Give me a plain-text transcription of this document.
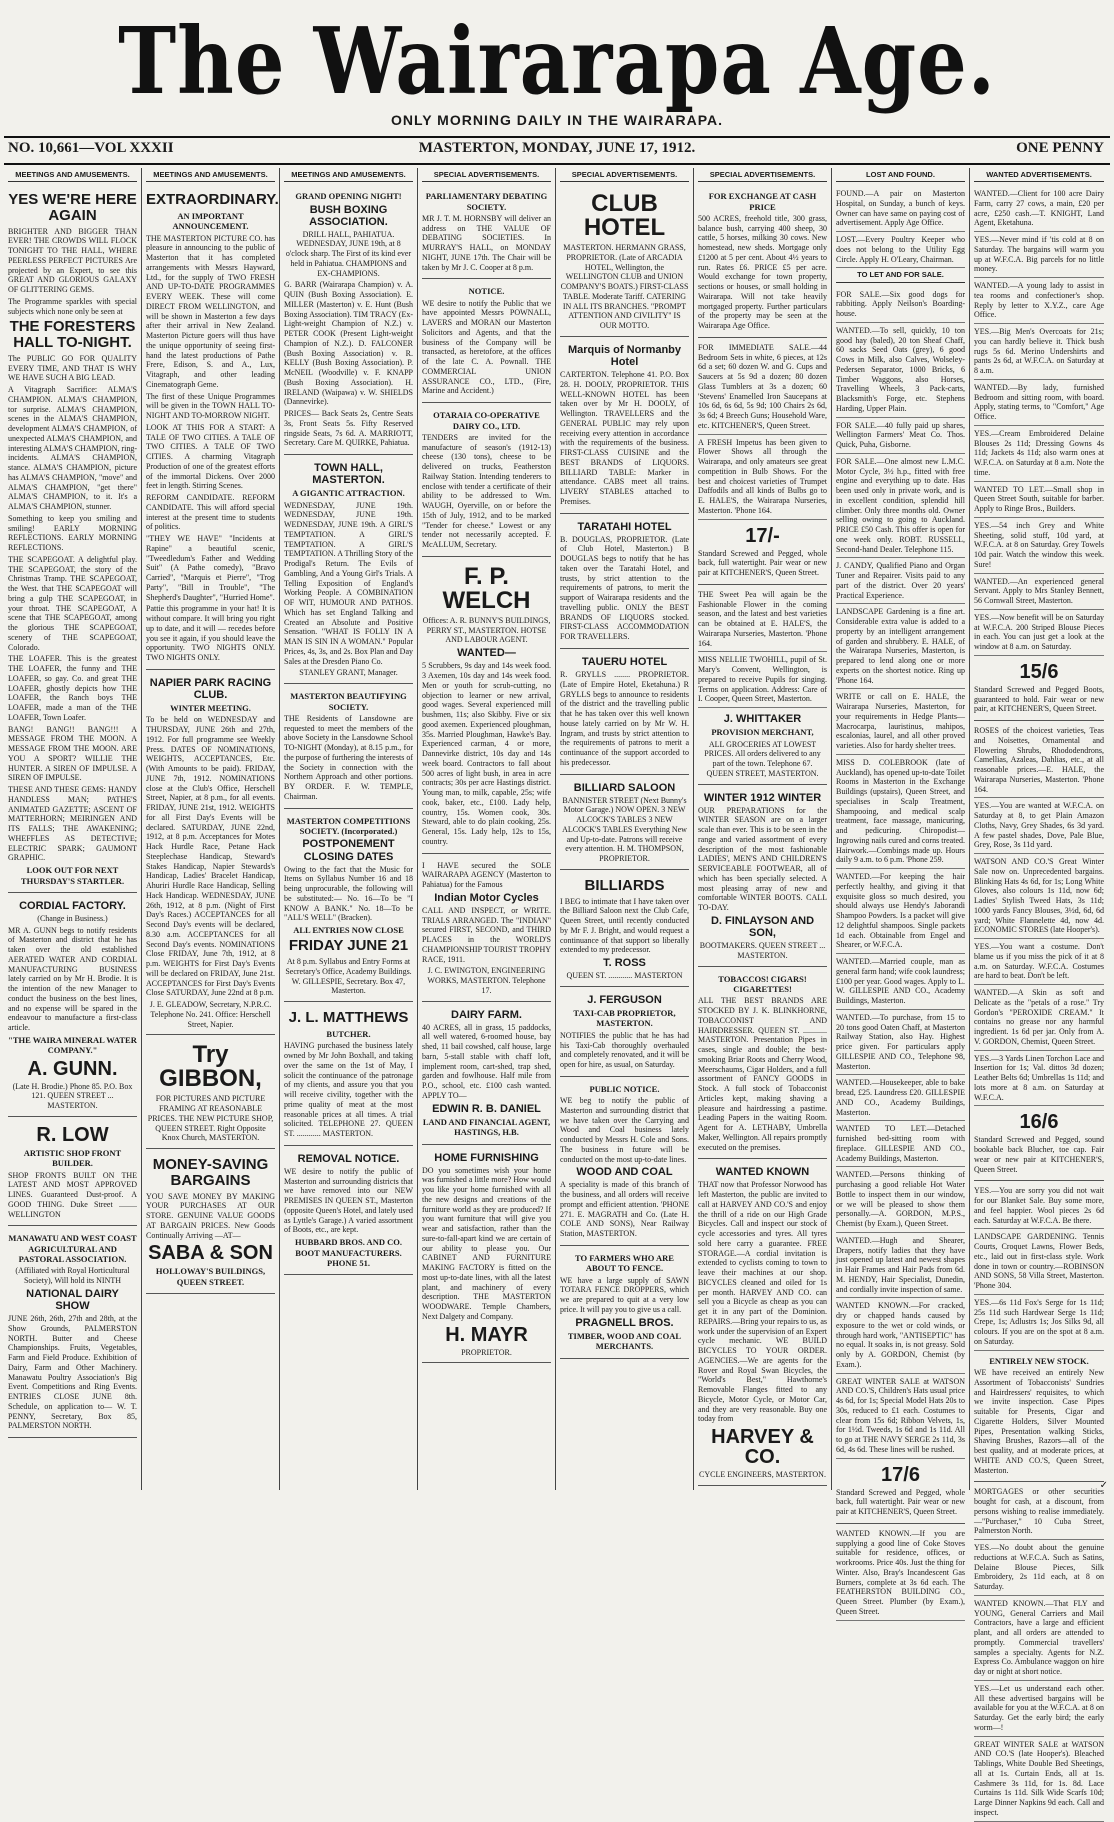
The Wairarapa Age.
ONLY MORNING DAILY IN THE WAIRARAPA.
NO. 10,661—VOL XXXII	MASTERTON, MONDAY, JUNE 17, 1912.	ONE PENNY
MEETINGS AND AMUSEMENTS.
YES WE'RE HERE AGAIN
BRIGHTER AND BIGGER THAN EVER! THE CROWDS WILL FLOCK TONIGHT TO THE HALL, WHERE PEERLESS PERFECT PICTURES Are projected by an Expert, to see this GREAT AND GLORIOUS GALAXY OF GLITTERING GEMS.
The Programme sparkles with special subjects which none only be seen at
THE FORESTERS HALL TO-NIGHT.
The PUBLIC GO FOR QUALITY EVERY TIME, AND THAT IS WHY WE HAVE SUCH A BIG LEAD.
A Vitagraph Sacrifice: ALMA'S CHAMPION. ALMA'S CHAMPION, tor surprise. ALMA'S CHAMPION, scenes in the ALMA'S CHAMPION, development ALMA'S CHAMPION, of unexpected ALMA'S CHAMPION, and interesting ALMA'S CHAMPION, ring-incidents. ALMA'S CHAMPION, stance. ALMA'S CHAMPION, picture has ALMA'S CHAMPION, "move" and ALMA'S CHAMPION, "get there" ALMA'S CHAMPION, to it. It's a ALMA'S CHAMPION, stunner.
Something to keep you smiling and smiling! EARLY MORNING REFLECTIONS. EARLY MORNING REFLECTIONS.
THE SCAPEGOAT. A delightful play. THE SCAPEGOAT, the story of the Christmas Tramp. THE SCAPEGOAT, the West. that THE SCAPEGOAT will bring a gulp THE SCAPEGOAT, in your throat. THE SCAPEGOAT, A scene that THE SCAPEGOAT, among the glorious THE SCAPEGOAT, scenery of THE SCAPEGOAT, Colorado.
THE LOAFER. This is the greatest THE LOAFER, the funny and THE LOAFER, so gay. Co. and great THE LOAFER, ghostly depicts how THE LOAFER, the Ranch boys THE LOAFER, made a man of the THE LOAFER, Town Loafer.
BANG! BANG!! BANG!!! A MESSAGE FROM THE MOON. A MESSAGE FROM THE MOON. ARE YOU A SPORT? WILLIE THE HUNTER. A SIREN OF IMPULSE. A SIREN OF IMPULSE.
THESE AND THESE GEMS: HANDY HANDLESS MAN; PATHE'S ANIMATED GAZETTE; ASCENT OF MATTERHORN; MEIRINGEN AND ITS FALLS; THE AWAKENING; WHEFFLES AS DETECTIVE; ELECTRIC SPARK; GAUMONT GRAPHIC.
LOOK OUT FOR NEXT THURSDAY'S STARTLER.
CORDIAL FACTORY.
(Change in Business.)
MR A. GUNN begs to notify residents of Masterton and district that he has taken over the old established AERATED WATER AND CORDIAL MANUFACTURING BUSINESS lately carried on by Mr H. Brodie. It is the intention of the new Manager to conduct the business on the best lines, and no expense will be spared in the endeavour to manufacture a first-class article.
"THE WAIRA MINERAL WATER COMPANY."
A. GUNN.
(Late H. Brodie.) Phone 85. P.O. Box 121. QUEEN STREET ... MASTERTON.
R. LOW
ARTISTIC SHOP FRONT BUILDER.
SHOP FRONTS BUILT ON THE LATEST AND MOST APPROVED LINES. Guaranteed Dust-proof. A GOOD THING. Duke Street ......... WELLINGTON
MANAWATU AND WEST COAST AGRICULTURAL AND PASTORAL ASSOCIATION.
(Affiliated with Royal Horticultural Society), Will hold its NINTH
NATIONAL DAIRY SHOW
JUNE 26th, 26th, 27th and 28th, at the Show Grounds, PALMERSTON NORTH. Butter and Cheese Championships. Fruits, Vegetables, Farm and Field Produce. Exhibition of Dairy, Farm and Other Machinery. Manawatu Poultry Association's Big Event. Competitions and Ring Events. ENTRIES CLOSE JUNE 8th. Schedule, on application to— W. T. PENNY, Secretary, Box 85, PALMERSTON NORTH.
MEETINGS AND AMUSEMENTS.
EXTRAORDINARY.
AN IMPORTANT ANNOUNCEMENT.
THE MASTERTON PICTURE CO. has pleasure in announcing to the public of Masterton that it has completed arrangements with Messrs Hayward, Ltd., for the supply of TWO FRESH AND UP-TO-DATE PROGRAMMES EVERY WEEK. These will come DIRECT FROM WELLINGTON, and will be shown in Masterton a few days after their arrival in New Zealand. Masterton Picture goers will thus have the unique opportunity of seeing first-hand the latest productions of Pathe Frere, Edison, S. and A., Lux, Vitagraph, and other leading Cinematograph Geme.
The first of these Unique Programmes will be given in the TOWN HALL TO-NIGHT AND TO-MORROW NIGHT.
LOOK AT THIS FOR A START: A TALE OF TWO CITIES. A TALE OF TWO CITIES. A TALE OF TWO CITIES. A charming Vitagraph Production of one of the greatest efforts of the immortal Dickens. Over 2000 feet in length. Stirring Scenes.
REFORM CANDIDATE. REFORM CANDIDATE. This will afford special interest at the present time to students of politics.
"THEY WE HAVE" "Incidents at Rapine" a beautiful scenic, "Tweedledum's Father and Wedding Suit" (A Pathe comedy), "Bravo Carried", "Marquis et Pierre", "Trog Party", "Bill in Trouble", "The Shepherd's Daughter", "Hurried Home".
Pattie this programme in your hat! It is without compare. It will bring you right up to date, and it will — recedes before you see it again, if you should leave the opportunity. TWO NIGHTS ONLY. TWO NIGHTS ONLY.
NAPIER PARK RACING CLUB.
WINTER MEETING.
To be held on WEDNESDAY and THURSDAY, JUNE 26th and 27th, 1912. For full programme see Weekly Press. DATES OF NOMINATIONS, WEIGHTS, ACCEPTANCES, Etc. (With Amounts to be paid). FRIDAY, JUNE 7th, 1912. NOMINATIONS close at the Club's Office, Herschell Street, Napier, at 8 p.m., for all events. FRIDAY, JUNE 21st, 1912. WEIGHTS for all First Day's Events will be declared. SATURDAY, JUNE 22nd, 1912, at 8 p.m. Acceptances for Motes Hack Hurdle Race, Petane Hack Steeplechase Handicap, Steward's Stakes Handicap, Napier Stewards's Handicap, Ladies' Bracelet Handicap, Ahuriri Hurdle Race Handicap, Selling Hack Handicap. WEDNESDAY, JUNE 26th, 1912, at 8 p.m. (Night of First Day's Races.) ACCEPTANCES for all Second Day's events will be declared, 8.30 a.m. ACCEPTANCES for all Second Day's events. NOMINATIONS Close FRIDAY, June 7th, 1912, at 8 p.m. WEIGHTS for First Day's Events will be declared on FRIDAY, June 21st. ACCEPTANCES for First Day's Events Close SATURDAY, June 22nd at 8 p.m.
J. E. GLEADOW, Secretary, N.P.R.C. Telephone No. 241. Office: Herschell Street, Napier.
Try GIBBON,
FOR PICTURES AND PICTURE FRAMING AT REASONABLE PRICES. THE NEW PICTURE SHOP, QUEEN STREET. Right Opposite Knox Church, MASTERTON.
MONEY-SAVING BARGAINS
YOU SAVE MONEY BY MAKING YOUR PURCHASES AT OUR STORE. GENUINE VALUE GOODS AT BARGAIN PRICES. New Goods Continually Arriving —AT—
SABA & SON
HOLLOWAY'S BUILDINGS, QUEEN STREET.
MEETINGS AND AMUSEMENTS.
GRAND OPENING NIGHT!
BUSH BOXING ASSOCIATION.
DRILL HALL, PAHIATUA. WEDNESDAY, JUNE 19th, at 8 o'clock sharp. The First of its kind ever held in Pahiatua. CHAMPIONS and EX-CHAMPIONS.
G. BARR (Wairarapa Champion) v. A. QUIN (Bush Boxing Association). E. MILLER (Masterton) v. E. Hunt (Bush Boxing Association). TIM TRACY (Ex-Light-weight Champion of N.Z.) v. PETER COOK (Present Light-weight Champion of N.Z.). D. FALCONER (Bush Boxing Association) v. R. KELLY (Bush Boxing Association). P. McNEIL (Woodville) v. F. KNAPP (Bush Boxing Association). H. IRELAND (Waipawa) v. W. SHIELDS (Dannevirke).
PRICES— Back Seats 2s, Centre Seats 3s, Front Seats 5s. Fifty Reserved ringside Seats, 7s 6d. A. MARRIOTT, Secretary. Care M. QUIRKE, Pahiatua.
TOWN HALL, MASTERTON.
A GIGANTIC ATTRACTION.
WEDNESDAY, JUNE 19th. WEDNESDAY, JUNE 19th. WEDNESDAY, JUNE 19th. A GIRL'S TEMPTATION. A GIRL'S TEMPTATION. A GIRL'S TEMPTATION. A Thrilling Story of the Prodigal's Return. The Evils of Gambling, And a Young Girl's Trials. A Telling Exposition of England's Working People. A COMBINATION OF WIT, HUMOUR AND PATHOS. Which has set England Talking and Created an Absolute and Positive Sensation. "WHAT IS FOLLY IN A MAN IS SIN IN A WOMAN." Popular Prices, 4s, 3s, and 2s. Box Plan and Day Sales at the Dresden Piano Co.
STANLEY GRANT, Manager.
MASTERTON BEAUTIFYING SOCIETY.
THE Residents of Lansdowne are requested to meet the members of the above Society in the Lansdowne School TO-NIGHT (Monday), at 8.15 p.m., for the purpose of furthering the interests of the Society in connection with the Northern Approach and other portions. BY ORDER. F. W. TEMPLE, Chairman.
MASTERTON COMPETITIONS SOCIETY. (Incorporated.)
POSTPONEMENT CLOSING DATES
Owing to the fact that the Music for Items on Syllabus Number 16 and 18 being unprocurable, the following will be substituted:— No. 16—To be "I KNOW A BANK." No. 18—To be "ALL'S WELL" (Bracken).
ALL ENTRIES NOW CLOSE
FRIDAY JUNE 21
At 8 p.m. Syllabus and Entry Forms at Secretary's Office, Academy Buildings. W. GILLESPIE, Secretary. Box 47, Masterton.
J. L. MATTHEWS
BUTCHER.
HAVING purchased the business lately owned by Mr John Boxhall, and taking over the same on the 1st of May, I solicit the continuance of the patronage of my clients, and assure you that you will receive civility, together with the prime quality of meat at the most reasonable prices at all times. A trial solicited. TELEPHONE 27. QUEEN ST. ............ MASTERTON.
REMOVAL NOTICE.
WE desire to notify the public of Masterton and surrounding districts that we have removed into our NEW PREMISES IN QUEEN ST., Masterton (opposite Queen's Hotel, and lately used as Lyttle's Garage.) A varied assortment of Boots, etc., are kept.
HUBBARD BROS. AND CO. BOOT MANUFACTURERS. PHONE 51.
SPECIAL ADVERTISEMENTS.
PARLIAMENTARY DEBATING SOCIETY.
MR J. T. M. HORNSBY will deliver an address on THE VALUE OF DEBATING SOCIETIES. In MURRAY'S HALL, on MONDAY NIGHT, JUNE 17th. The Chair will be taken by Mr J. C. Cooper at 8 p.m.
NOTICE.
WE desire to notify the Public that we have appointed Messrs POWNALL, LAVERS and MORAN our Masterton Solicitors and Agents, and that the business of the Company will be transacted, as heretofore, at the offices of the late C. A. Pownall. THE COMMERCIAL UNION ASSURANCE CO., LTD., (Fire, Marine and Accident.)
OTARAIA CO-OPERATIVE DAIRY CO., LTD.
TENDERS are invited for the manufacture of season's (1912-13) cheese (130 tons), cheese to be delivered on trucks, Featherston Railway Station. Intending tenderers to enclose with tender a certificate of their ability to be addressed to Wm. WAUGH, Oyerville, on or before the 15th of July, 1912, and to be marked "Tender for cheese." Lowest or any tender not necessarily accepted. F. McALLUM, Secretary.
F. P. WELCH
Offices: A. R. BUNNY'S BUILDINGS, PERRY ST., MASTERTON. HOTSE AND LABOUR AGENT.
WANTED—
5 Scrubbers, 9s day and 14s week food. 3 Axemen, 10s day and 14s week food. Men or youth for scrub-cutting, no objection to learner or new arrival, good wages. Several experienced mill bushmen, 11s; also Skibby. Five or six good axemen. Experienced ploughman, 35s. Married Ploughman, Hawke's Bay. Experienced carman, 4 or more, Dannevirke district, 10s day and 14s week board. Contractors to fall about 500 acres of light bush, in area in acre contracts; 30s per acre Hastings district. Young man, to milk, capable, 25s; wife cook, baker, etc., £100. Lady help, country, 15s. Women cook, 30s. Steward, able to do plain cooking, 25s. General, 15s. Lady help, 12s to 15s, country.
I HAVE secured the SOLE WAIRARAPA AGENCY (Masterton to Pahiatua) for the Famous
Indian Motor Cycles
CALL AND INSPECT, or WRITE. TRIALS ARRANGED. The "INDIAN" secured FIRST, SECOND, and THIRD PLACES in the WORLD'S CHAMPIONSHIP TOURIST TROPHY RACE, 1911.
J. C. EWINGTON, ENGINEERING WORKS, MASTERTON. Telephone 17.
DAIRY FARM.
40 ACRES, all in grass, 15 paddocks, all well watered, 6-roomed house, bay shed, 11 bail cowshed, calf house, large barn, 5-stall stable with chaff loft, implement room, cart-shed, trap shed, garden and fowlhouse. Half mile from P.O., school, etc. £100 cash wanted. APPLY TO—
EDWIN R. B. DANIEL
LAND AND FINANCIAL AGENT, HASTINGS, H.B.
HOME FURNISHING
DO you sometimes wish your home was furnished a little more? How would you like your home furnished with all the new designs and creations of the furniture world as they are produced? If you want furniture that will give you wear and satisfaction, rather than the sure-to-fall-apart kind we are certain of our ability to please you. Our CABINET AND FURNITURE MAKING FACTORY is fitted on the most up-to-date lines, with all the latest plant, and machinery of every description. THE MASTERTON WOODWARE. Temple Chambers, Next Dalgety and Company.
H. MAYR
PROPRIETOR.
SPECIAL ADVERTISEMENTS.
CLUB HOTEL
MASTERTON. HERMANN GRASS, PROPRIETOR. (Late of ARCADIA HOTEL, Wellington, the WELLINGTON CLUB and UNION COMPANY'S BOATS.) FIRST-CLASS TABLE. Moderate Tariff. CATERING IN ALL ITS BRANCHES. "PROMPT ATTENTION AND CIVILITY" IS OUR MOTTO.
Marquis of Normanby Hotel
CARTERTON. Telephone 41. P.O. Box 28. H. DOOLY, PROPRIETOR. THIS WELL-KNOWN HOTEL has been taken over by Mr H. DOOLY, of Wellington. TRAVELLERS and the GENERAL PUBLIC may rely upon receiving every attention in accordance with the requirements of the business. FIRST-CLASS CUISINE and the BEST BRANDS of LIQUORS. BILLIARD TABLE: Marker in attendance. CABS meet all trains. LIVERY STABLES attached to Premises.
TARATAHI HOTEL
B. DOUGLAS, PROPRIETOR. (Late of Club Hotel, Masterton.) B DOUGLAS begs to notify that he has taken over the Taratahi Hotel, and trusts, by strict attention to the requirements of patrons, to merit the support of Wairarapa residents and the travelling public. ONLY the BEST BRANDS OF LIQUORS stocked. FIRST-CLASS ACCOMMODATION FOR TRAVELLERS.
TAUERU HOTEL
R. GRYLLS ........ PROPRIETOR. (Late of Empire Hotel, Eketahuna.) R GRYLLS begs to announce to residents of the district and the travelling public that he has taken over this well known house lately carried on by Mr W. H. Ingram, and trusts by strict attention to the requirements of patrons to merit a continuance of the support accorded to his predecessor.
BILLIARD SALOON
BANNISTER STREET (Next Bunny's Motor Garage.) NOW OPEN. 3 NEW ALCOCK'S TABLES 3 NEW ALCOCK'S TABLES Everything New and Up-to-date. Patrons will receive every attention. H. M. THOMPSON, PROPRIETOR.
BILLIARDS
I BEG to intimate that I have taken over the Billiard Saloon next the Club Cafe, Queen Street, until recently conducted by Mr F. J. Bright, and would request a continuance of that support so liberally extended to my predecessor.
T. ROSS
QUEEN ST. ............ MASTERTON
J. FERGUSON
TAXI-CAB PROPRIETOR, MASTERTON.
NOTIFIES the public that he has had his Taxi-Cab thoroughly overhauled and completely renovated, and it will be open for hire, as usual, on Saturday.
PUBLIC NOTICE.
WE beg to notify the public of Masterton and surrounding district that we have taken over the Carrying and Wood and Coal business lately conducted by Messrs H. Cole and Sons. The business in future will be conducted on the most up-to-date lines.
WOOD AND COAL
A speciality is made of this branch of the business, and all orders will receive prompt and efficient attention. 'PHONE 271. E. MAGRATH and Co. (Late H. COLE AND SONS), Near Railway Station, MASTERTON.
TO FARMERS WHO ARE ABOUT TO FENCE.
WE have a large supply of SAWN TOTARA FENCE DROPPERS, which we are prepared to quit at a very low price. It will pay you to give us a call.
PRAGNELL BROS.
TIMBER, WOOD AND COAL MERCHANTS.
SPECIAL ADVERTISEMENTS.
FOR EXCHANGE AT CASH PRICE
500 ACRES, freehold title, 300 grass, balance bush, carrying 400 sheep, 30 cattle, 5 horses, milking 30 cows. New homestead, new sheds. Mortgage only £1200 at 5 per cent. About 4½ years to run. Rates £6. PRICE £5 per acre. Would exchange for town property, sections or houses, or small holding in Wairarapa. Will not take heavily mortgaged property. Further particulars of the property may be seen at the Wairarapa Age Office.
FOR IMMEDIATE SALE.—44 Bedroom Sets in white, 6 pieces, at 12s 6d a set; 60 dozen W. and G. Cups and Saucers at 5s 9d a dozen; 80 dozen Glass Tumblers at 3s a dozen; 60 'Stevens' Enamelled Iron Saucepans at 10s 6d, 6s 6d, 5s 9d; 100 Chairs 2s 6d, 3s 6d; 4 Breech Guns; Household Ware, etc. KITCHENER'S, Queen Street.
A FRESH Impetus has been given to Flower Shows all through the Wairarapa, and only amateurs see great competition in Bulb Shows. For the best and choicest varieties of Trumpet Daffodils and all kinds of Bulbs go to E. HALE'S, the Wairarapa Nurseries, Masterton. 'Phone 164.
17/-
Standard Screwed and Pegged, whole back, full watertight. Pair wear or new pair at KITCHENER'S, Queen Street.
THE Sweet Pea will again be the Fashionable Flower in the coming season, and the latest and best varieties can be obtained at E. HALE'S, the Wairarapa Nurseries, Masterton. 'Phone 164.
MISS NELLIE TWOHILL, pupil of St. Mary's Convent, Wellington, is prepared to receive Pupils for singing. Terms on application. Address: Care of I. Cooper, Queen Street, Masterton.
J. WHITTAKER
PROVISION MERCHANT,
ALL GROCERIES AT LOWEST PRICES. All orders delivered to any part of the town. Telephone 67. QUEEN STREET, MASTERTON.
WINTER 1912 WINTER
OUR PREPARATIONS for the WINTER SEASON are on a larger scale than ever. This is to be seen in the range and varied assortment of every description of the most fashionable LADIES', MEN'S AND CHILDREN'S SERVICEABLE FOOTWEAR, all of which has been specially selected. A most pleasing array of new and comfortable WINTER BOOTS. CALL TO-DAY.
D. FINLAYSON AND SON,
BOOTMAKERS. QUEEN STREET ... MASTERTON.
TOBACCOS! CIGARS! CIGARETTES!
ALL THE BEST BRANDS ARE STOCKED BY J. K. BLINKHORNE, TOBACCONIST AND HAIRDRESSER. QUEEN ST. ............ MASTERTON. Presentation Pipes in cases, single and double; the best-smoking Briar Roots and Cherry Wood, Meerschaums, Cigar Holders, and a full assortment of FANCY GOODS in Stock. A full stock of Tobacconist Articles kept, making shaving a pleasure and hairdressing a pastime. Leading Papers in the waiting Room. Agent for A. LETHABY, Umbrella Maker, Wellington. All repairs promptly executed on the premises.
WANTED KNOWN
THAT now that Professor Norwood has left Masterton, the public are invited to call at HARVEY AND CO.'S and enjoy the thrill of a ride on our High Grade Bicycles. Call and inspect our stock of cycle accessories and tyres. All tyres sold here carry a guarantee. FREE STORAGE.—A cordial invitation is extended to cyclists coming to town to leave their machines at our shop. BICYCLES cleaned and oiled for 1s per month. HARVEY AND CO. can sell you a Bicycle as cheap as you can get it in any part of the Dominion. REPAIRS.—Bring your repairs to us, as work under the supervision of an Expert cycle mechanic. WE BUILD BICYCLES TO YOUR ORDER. AGENCIES.—We are agents for the Rover and Royal Swan Bicycles, the "World's Best," Hawthorne's Removable Flanges fitted to any Bicycle, Motor Cycle, or Motor Car, and they are very reasonable. Buy one today from
HARVEY & CO.
CYCLE ENGINEERS, MASTERTON.
LOST AND FOUND.
FOUND.—A pair on Masterton Hospital, on Sunday, a bunch of keys. Owner can have same on paying cost of advertisement. Apply Age Office.
LOST.—Every Poultry Keeper who does not belong to the Utility Egg Circle. Apply H. O'Leary, Chairman.
TO LET AND FOR SALE.
FOR SALE.—Six good dogs for rabbiting. Apply Neilson's Boarding-house.
WANTED.—To sell, quickly, 10 ton good hay (baled), 20 ton Sheaf Chaff, 60 sacks Seed Oats (grey), 6 good Cows in Milk, also Calves, Wolseley-Pedersen Separator, 1000 Bricks, 6 Timber Waggons, also Horses, Travelling Wheels, 3 Pack-carts, Blacksmith's Forge, etc. Stephens Harding, Upper Plain.
FOR SALE.—40 fully paid up shares, Wellington Farmers' Meat Co. Thos. Quick, Puha, Gisborne.
FOR SALE.—One almost new L.M.C. Motor Cycle, 3½ h.p., fitted with free engine and everything up to date. Has been used only in private work, and is in excellent condition, splendid hill climber. Only three months old. Owner selling owing to going to Auckland. PRICE £50 Cash. This offer is open for one week only. ROBT. RUSSELL, Second-hand Dealer. Telephone 115.
J. CANDY, Qualified Piano and Organ Tuner and Repairer. Visits paid to any part of the district. Over 20 years' Practical Experience.
LANDSCAPE Gardening is a fine art. Considerable extra value is added to a property by an intelligent arrangement of garden and shrubbery. E. HALE, of the Wairarapa Nurseries, Masterton, is prepared to lend along one or more experts on the shortest notice. Ring up 'Phone 164.
WRITE or call on E. HALE, the Wairarapa Nurseries, Masterton, for your requirements in Hedge Plants—Macrocarpa, lauristinus, mahipos, escalonias, laurel, and all other proved varieties. Also for hardy shelter trees.
MISS D. COLEBROOK (late of Auckland), has opened up-to-date Toilet Rooms in Masterton in the Exchange Buildings (upstairs), Queen Street, and specialises in Scalp Treatment, Shampooing, and medical scalp treatment, face massage, manicuring, and pedicuring. Chiropodist—Ingrowing nails cured and corns treated. Hairwork.—Combings made up. Hours daily 9 a.m. to 6 p.m. 'Phone 259.
WANTED.—For keeping the hair perfectly healthy, and giving it that exquisite gloss so much desired, you should always use Hendy's Jaborandi Shampoo Powders. Is a packet will give 12 delightful shampoos. Single packets 1d each. Obtainable from Engel and Shearer, or W.F.C.A.
WANTED.—Married couple, man as general farm hand; wife cook laundress; £100 per year. Good wages. Apply to L. W. GILLESPIE AND CO., Academy Buildings, Masterton.
WANTED.—To purchase, from 15 to 20 tons good Oaten Chaff, at Masterton Railway Station, also Hay. Highest price given. For particulars apply GILLESPIE AND CO., Telephone 98, Masterton.
WANTED.—Housekeeper, able to bake bread, £25. Laundress £20. GILLESPIE AND CO., Academy Buildings, Masterton.
WANTED TO LET.—Detached furnished bed-sitting room with fireplace. GILLESPIE AND CO., Academy Buildings, Masterton.
WANTED.—Persons thinking of purchasing a good reliable Hot Water Bottle to inspect them in our window, or we will be pleased to show them personally.—A. GORDON, M.P.S., Chemist (by Exam.), Queen Street.
WANTED.—Hugh and Shearer, Drapers, notify ladies that they have just opened up latest and newest shapes in Hair Frames and Hair Pads from 6d. M. HENDY, Hair Specialist, Dunedin, and cordially invite inspection of same.
WANTED KNOWN.—For cracked, dry or chapped hands caused by exposure to the wet or cold winds, or through hard work, "ANTISEPTIC" has no equal. It soaks in, is not greasy. Sold only by A. GORDON, Chemist (by Exam.).
GREAT WINTER SALE at WATSON AND CO.'S, Children's Hats usual price 4s 6d, for 1s; Special Model Hats 20s to 30s, reduced to £1 each. Costumes to clear from 15s 6d; Ribbon Velvets, 1s, for 1½d. Tweeds, 1s 6d and 1s 11d. All to go at THE NAVY SERGE 2s 11d, 3s 6d, 4s 6d. These lines will be rushed.
17/6
Standard Screwed and Pegged, whole back, full watertight. Pair wear or new pair at KITCHENER'S, Queen Street.
WANTED KNOWN.—If you are supplying a good line of Coke Stoves suitable for residence, offices, or workrooms. Price 40s. Just the thing for Winter. Also, Bray's Incandescent Gas Burners, complete at 3s 6d each. The FEATHERSTON BUILDING CO., Queen Street. Plumber (by Exam.), Queen Street.
WANTED ADVERTISEMENTS.
WANTED.—Client for 100 acre Dairy Farm, carry 27 cows, a main, £20 per acre, £250 cash.—T. KNIGHT, Land Agent, Eketahuna.
YES.—Never mind if 'tis cold at 8 on Saturday. The bargains will warm you up at W.F.C.A. Big parcels for no little money.
WANTED.—A young lady to assist in tea rooms and confectioner's shop. Reply by letter to X.Y.Z., care Age Office.
YES.—Big Men's Overcoats for 21s; you can hardly believe it. Thick bush rugs 5s 6d. Merino Undershirts and pants 2s 6d, at W.F.C.A. on Saturday at 8 a.m.
WANTED.—By lady, furnished Bedroom and sitting room, with board. Apply, stating terms, to "Comfort," Age Office.
YES.—Cream Embroidered Delaine Blouses 2s 11d; Dressing Gowns 4s 11d; Jackets 4s 11d; also warm ones at W.F.C.A. on Saturday at 8 a.m. Note the time.
WANTED TO LET.—Small shop in Queen Street South, suitable for barber. Apply to Ringe Bros., Builders.
YES.—54 inch Grey and White Sheeting, solid stuff, 10d yard, at W.F.C.A. at 8 on Saturday. Grey Towels 10d pair. Watch the window this week. Sure!
WANTED.—An experienced general Servant. Apply to Mrs Stanley Bennett, 56 Cornwall Street, Masterton.
YES.—Now benefit will be on Saturday at W.F.C.A. 200 Striped Blouse Pieces in each. You can just get a look at the window at 8 a.m. on Saturday.
15/6
Standard Screwed and Pegged Boots, guaranteed to hold. Fair wear or new pair, at KITCHENER'S, Queen Street.
ROSES of the choicest varieties, Teas and Noisettes, Ornamental and Flowering Shrubs, Rhododendrons, Camellias, Azaleas, Dahlias, etc., at all reasonable prices.—E. HALE, the Wairarapa Nurseries, Masterton. 'Phone 164.
YES.—You are wanted at W.F.C.A. on Saturday at 8, to get Plain Amazon Cloths, Navy, Grey Shades, 6s 3d yard. A few pastel shades, Dove, Pale Blue, Grey, Rose, 3s 11d yard.
WATSON AND CO.'S Great Winter Sale now on. Unprecedented bargains. Blinking Hats 4s 6d, for 1s; Long White Gloves, also colours 1s 11d, now 6d; Ladies' Stylish Tweed Hats, 3s 11d; 1000 yards Fancy Blouses, 3½d, 6d, 6d yard; White Flannelette 4d, now 4d. ECONOMIC STORES (late Hooper's).
YES.—You want a costume. Don't blame us if you miss the pick of it at 8 a.m. on Saturday. W.F.C.A. Costumes are hard to beat. Don't be left.
WANTED.—A Skin as soft and Delicate as the "petals of a rose." Try Gordon's "PEROXIDE CREAM." It contains no grease nor any harmful ingredient. 1s 6d per jar. Only from A. V. GORDON, Chemist, Queen Street.
YES.—3 Yards Linen Torchon Lace and Insertion for 1s; Val. dittos 3d dozen; Leather Belts 6d; Umbrellas 1s 11d; and lots more at 8 a.m. on Saturday at W.F.C.A.
16/6
Standard Screwed and Pegged, sound bookable back Blucher, toe cap. Fair wear or new pair at KITCHENER'S, Queen Street.
YES.—You are sorry you did not wait for our Blanket Sale. Buy some more, and feel happier. Wool pieces 2s 6d each. Saturday at W.F.C.A. Be there.
LANDSCAPE GARDENING. Tennis Courts, Croquet Lawns, Flower Beds, etc., laid out in first-class style. Work done in town or country.—ROBINSON AND SONS, 58 Villa Street, Masterton. 'Phone 304.
YES.—6s 11d Fox's Serge for 1s 11d; 25s 11d such Hardwear Serge 1s 11d; Crepe, 1s; Adlustrs 1s; Jos Silks 9d, all colours. If you are on the spot at 8 a.m. on Saturday.
ENTIRELY NEW STOCK.
WE have received an entirely New Assortment of Tobacconists' Sundries and Hairdressers' requisites, to which we invite inspection. Case Pipes suitable for Presents, Cigar and Cigarette Holders, Silver Mounted Pipes, Presentation walking Sticks, Shaving Brushes, Razors—all of the best quality, and at moderate prices, at WHITE AND CO.'S, Queen Street, Masterton.
MORTGAGES or other securities bought for cash, at a discount, from persons wishing to realise immediately.—"Purchaser," 10 Cuba Street, Palmerston North.
YES.—No doubt about the genuine reductions at W.F.C.A. Such as Satins, Delaine Blouse Pieces, Silk Embroidery, 2s 11d each, at 8 on Saturday.
WANTED KNOWN.—That FLY and YOUNG, General Carriers and Mail Contractors, have a large and efficient plant, and all orders are attended to promptly. Commercial travellers' samples a specialty. Agents for N.Z. Express Co. Ambulance waggon on hire day or night at short notice.
YES.—Let us understand each other. All these advertised bargains will be available for you at the W.F.C.A. at 8 on Saturday. Get the early bird; the early worm—!
GREAT WINTER SALE at WATSON AND CO.'S (late Hooper's). Bleached Tablings, White Double Bed Sheetings, all at 1s. Curtain Ends, all at 1s. Cashmere 3s 11d, for 1s. 8d. Lace Curtains 1s 11d. Silk Wide Scarfs 10d; Large Dinner Napkins 9d each. Call and inspect.
✓
